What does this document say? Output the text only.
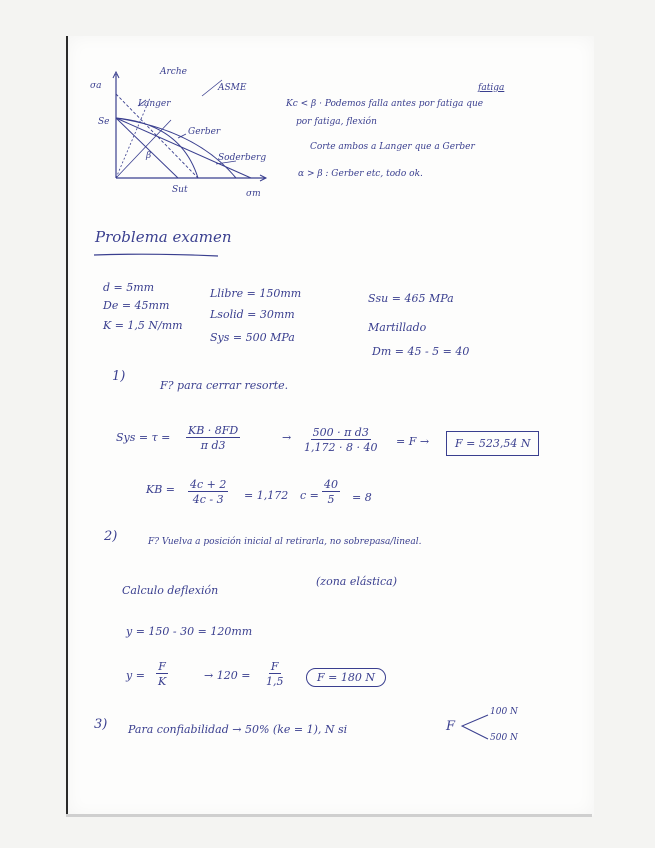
σa
Se
Arche
Langer
ASME
Gerber
Soderberg
β
Sut	σm
Kc < β · Podemos falla antes por fatiga que
fatiga
por fatiga, flexión
Corte ambos a Langer que a Gerber
α > β : Gerber etc, todo ok.
Problema examen
d = 5mm
De = 45mm
K = 1,5 N/mm
Llibre = 150mm
Lsolid = 30mm
Sys = 500 MPa
Ssu = 465 MPa
Martillado
Dm = 45 - 5 = 40
1)
F? para cerrar resorte.
Sys = $\tau = \frac{KB \cdot 8FD}{\text{π d3}}$	→ $\frac{\text{500 · π d3}}{1,172 \cdot 8 \cdot 40} = F$ →	F = 523,54 N
KB = $\frac{4c + 2}{4c - 3} = 1,172$ $c = \frac{40}{5} = 8$
2)	F? Vuelva a posición inicial al retirarla, no sobrepasa/lineal.
Calculo deflexión
(zona elástica)
y = 150 - 30 = 120mm
$y = \frac{F}{K}$	→ $120 = \frac{F}{1,5}$	F = 180 N
3) Para confiabilidad → 50% (ke = 1), N si	F
100 N
500 N
